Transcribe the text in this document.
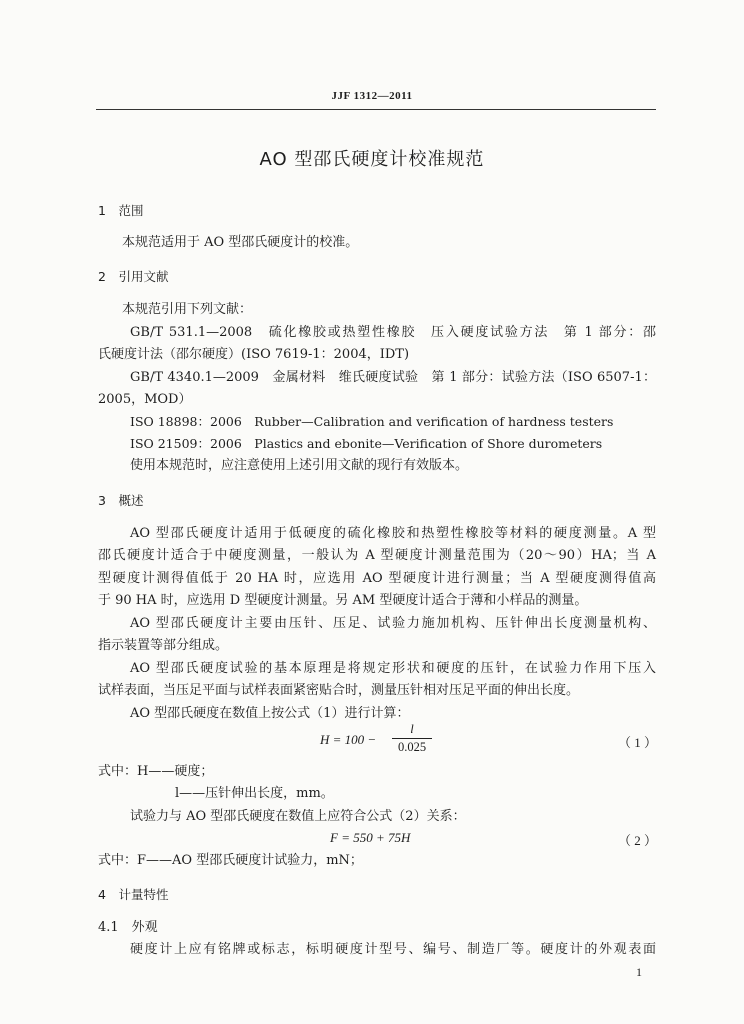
JJF 1312—2011
AO 型邵氏硬度计校准规范
1　范围
本规范适用于 AO 型邵氏硬度计的校准。
2　引用文献
本规范引用下列文献：
GB/T 531.1—2008　硫化橡胶或热塑性橡胶　压入硬度试验方法　第 1 部分：邵
氏硬度计法（邵尔硬度）(ISO 7619-1：2004，IDT)
GB/T 4340.1—2009　金属材料　维氏硬度试验　第 1 部分：试验方法（ISO 6507-1：
2005，MOD）
ISO 18898：2006　Rubber—Calibration and verification of hardness testers
ISO 21509：2006　Plastics and ebonite—Verification of Shore durometers
使用本规范时，应注意使用上述引用文献的现行有效版本。
3　概述
AO 型邵氏硬度计适用于低硬度的硫化橡胶和热塑性橡胶等材料的硬度测量。A 型
邵氏硬度计适合于中硬度测量，一般认为 A 型硬度计测量范围为（20～90）HA；当 A
型硬度计测得值低于 20 HA 时，应选用 AO 型硬度计进行测量；当 A 型硬度测得值高
于 90 HA 时，应选用 D 型硬度计测量。另 AM 型硬度计适合于薄和小样品的测量。
AO 型邵氏硬度计主要由压针、压足、试验力施加机构、压针伸出长度测量机构、
指示装置等部分组成。
AO 型邵氏硬度试验的基本原理是将规定形状和硬度的压针，在试验力作用下压入
试样表面，当压足平面与试样表面紧密贴合时，测量压针相对压足平面的伸出长度。
AO 型邵氏硬度在数值上按公式（1）进行计算：
H = 100 −
l
0.025	（ 1 ）
式中：H——硬度；
l——压针伸出长度，mm。
试验力与 AO 型邵氏硬度在数值上应符合公式（2）关系：
F = 550 + 75H	（ 2 ）
式中：F——AO 型邵氏硬度计试验力，mN；
4　计量特性
4.1　外观
硬度计上应有铭牌或标志，标明硬度计型号、编号、制造厂等。硬度计的外观表面
1
